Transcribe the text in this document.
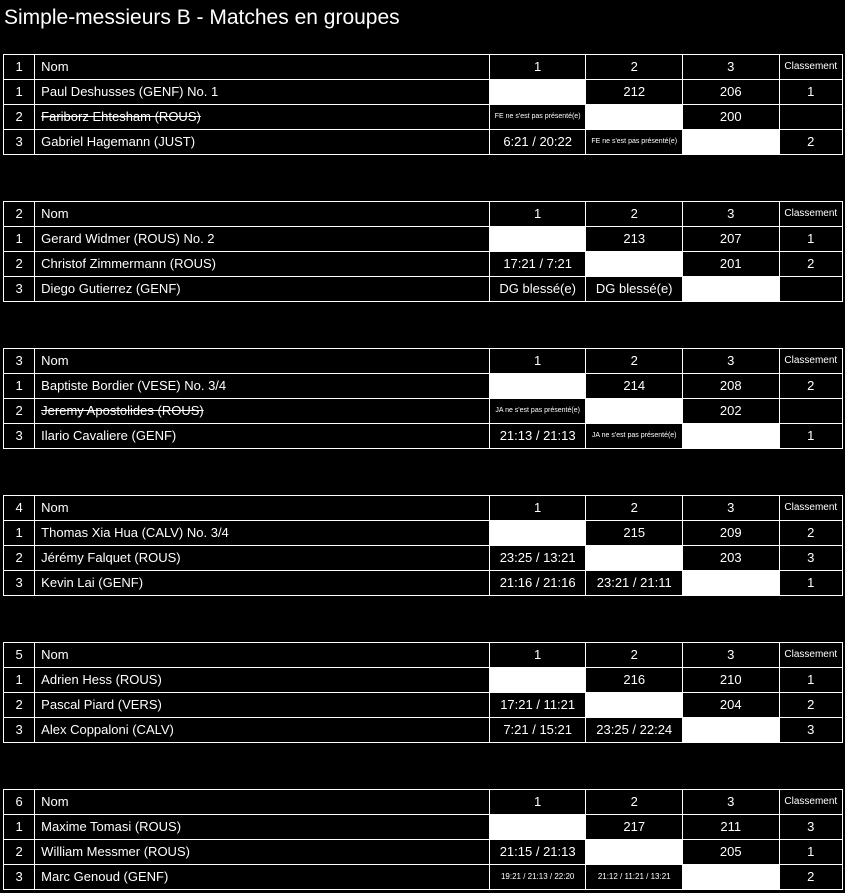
Simple-messieurs B - Matches en groupes
1	Nom	1	2	3	Classement
1	Paul Deshusses (GENF) No. 1		212	206	1
2	Fariborz Ehtesham (ROUS)	FE ne s'est pas présenté(e)		200	
3	Gabriel Hagemann (JUST)	6:21 / 20:22	FE ne s'est pas présenté(e)		2
2	Nom	1	2	3	Classement
1	Gerard Widmer (ROUS) No. 2		213	207	1
2	Christof Zimmermann (ROUS)	17:21 / 7:21		201	2
3	Diego Gutierrez (GENF)	DG blessé(e)	DG blessé(e)		
3	Nom	1	2	3	Classement
1	Baptiste Bordier (VESE) No. 3/4		214	208	2
2	Jeremy Apostolides (ROUS)	JA ne s'est pas présenté(e)		202	
3	Ilario Cavaliere (GENF)	21:13 / 21:13	JA ne s'est pas présenté(e)		1
4	Nom	1	2	3	Classement
1	Thomas Xia Hua (CALV) No. 3/4		215	209	2
2	Jérémy Falquet (ROUS)	23:25 / 13:21		203	3
3	Kevin Lai (GENF)	21:16 / 21:16	23:21 / 21:11		1
5	Nom	1	2	3	Classement
1	Adrien Hess (ROUS)		216	210	1
2	Pascal Piard (VERS)	17:21 / 11:21		204	2
3	Alex Coppaloni (CALV)	7:21 / 15:21	23:25 / 22:24		3
6	Nom	1	2	3	Classement
1	Maxime Tomasi (ROUS)		217	211	3
2	William Messmer (ROUS)	21:15 / 21:13		205	1
3	Marc Genoud (GENF)	19:21 / 21:13 / 22:20	21:12 / 11:21 / 13:21		2
